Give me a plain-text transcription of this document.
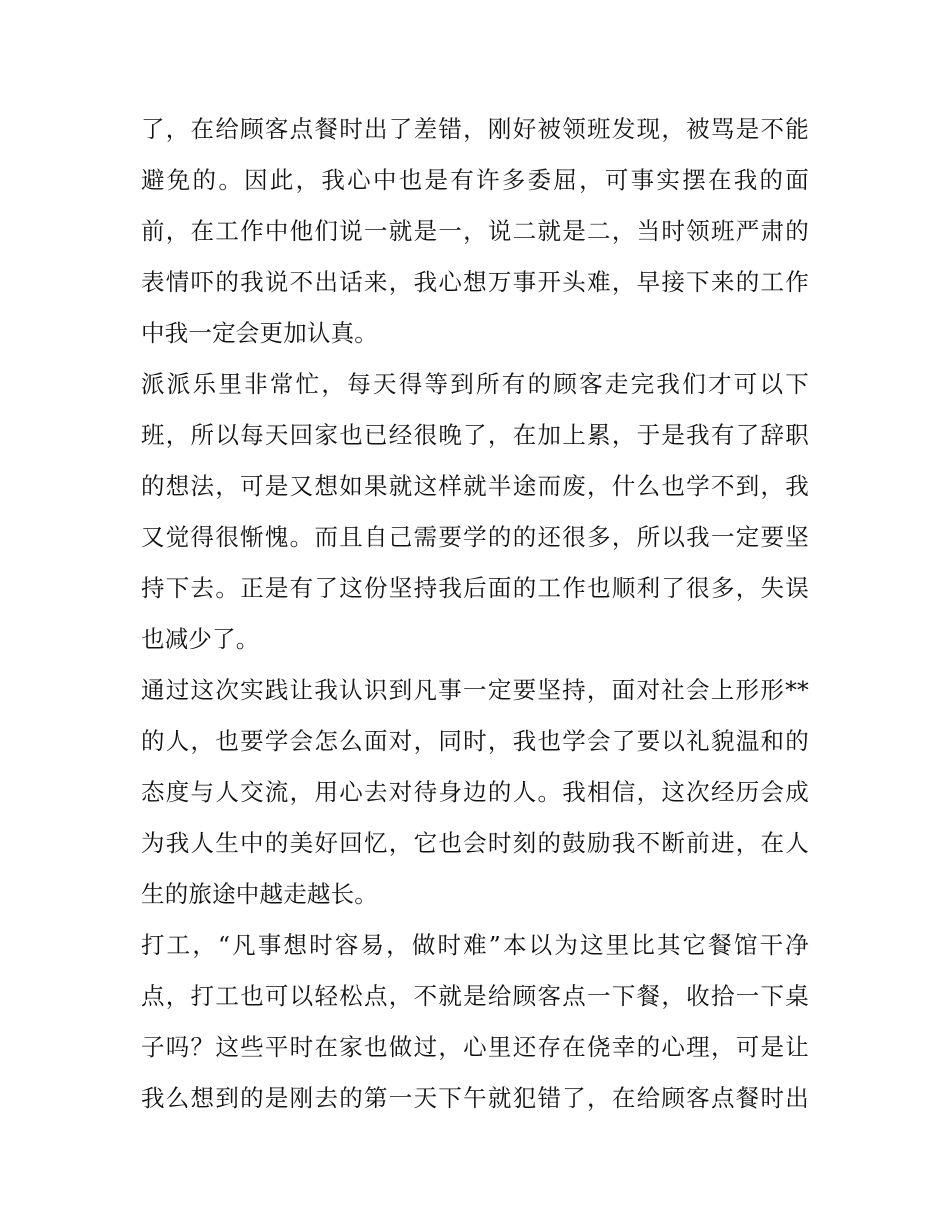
了，在给顾客点餐时出了差错，刚好被领班发现，被骂是不能
避免的。因此，我心中也是有许多委屈，可事实摆在我的面
前，在工作中他们说一就是一，说二就是二，当时领班严肃的
表情吓的我说不出话来，我心想万事开头难，早接下来的工作
中我一定会更加认真。
派派乐里非常忙，每天得等到所有的顾客走完我们才可以下
班，所以每天回家也已经很晚了，在加上累，于是我有了辞职
的想法，可是又想如果就这样就半途而废，什么也学不到，我
又觉得很惭愧。而且自己需要学的的还很多，所以我一定要坚
持下去。正是有了这份坚持我后面的工作也顺利了很多，失误
也减少了。
通过这次实践让我认识到凡事一定要坚持，面对社会上形形**
的人，也要学会怎么面对，同时，我也学会了要以礼貌温和的
态度与人交流，用心去对待身边的人。我相信，这次经历会成
为我人生中的美好回忆，它也会时刻的鼓励我不断前进，在人
生的旅途中越走越长。
打工，“凡事想时容易，做时难”本以为这里比其它餐馆干净
点，打工也可以轻松点，不就是给顾客点一下餐，收拾一下桌
子吗？这些平时在家也做过，心里还存在侥幸的心理，可是让
我么想到的是刚去的第一天下午就犯错了，在给顾客点餐时出
